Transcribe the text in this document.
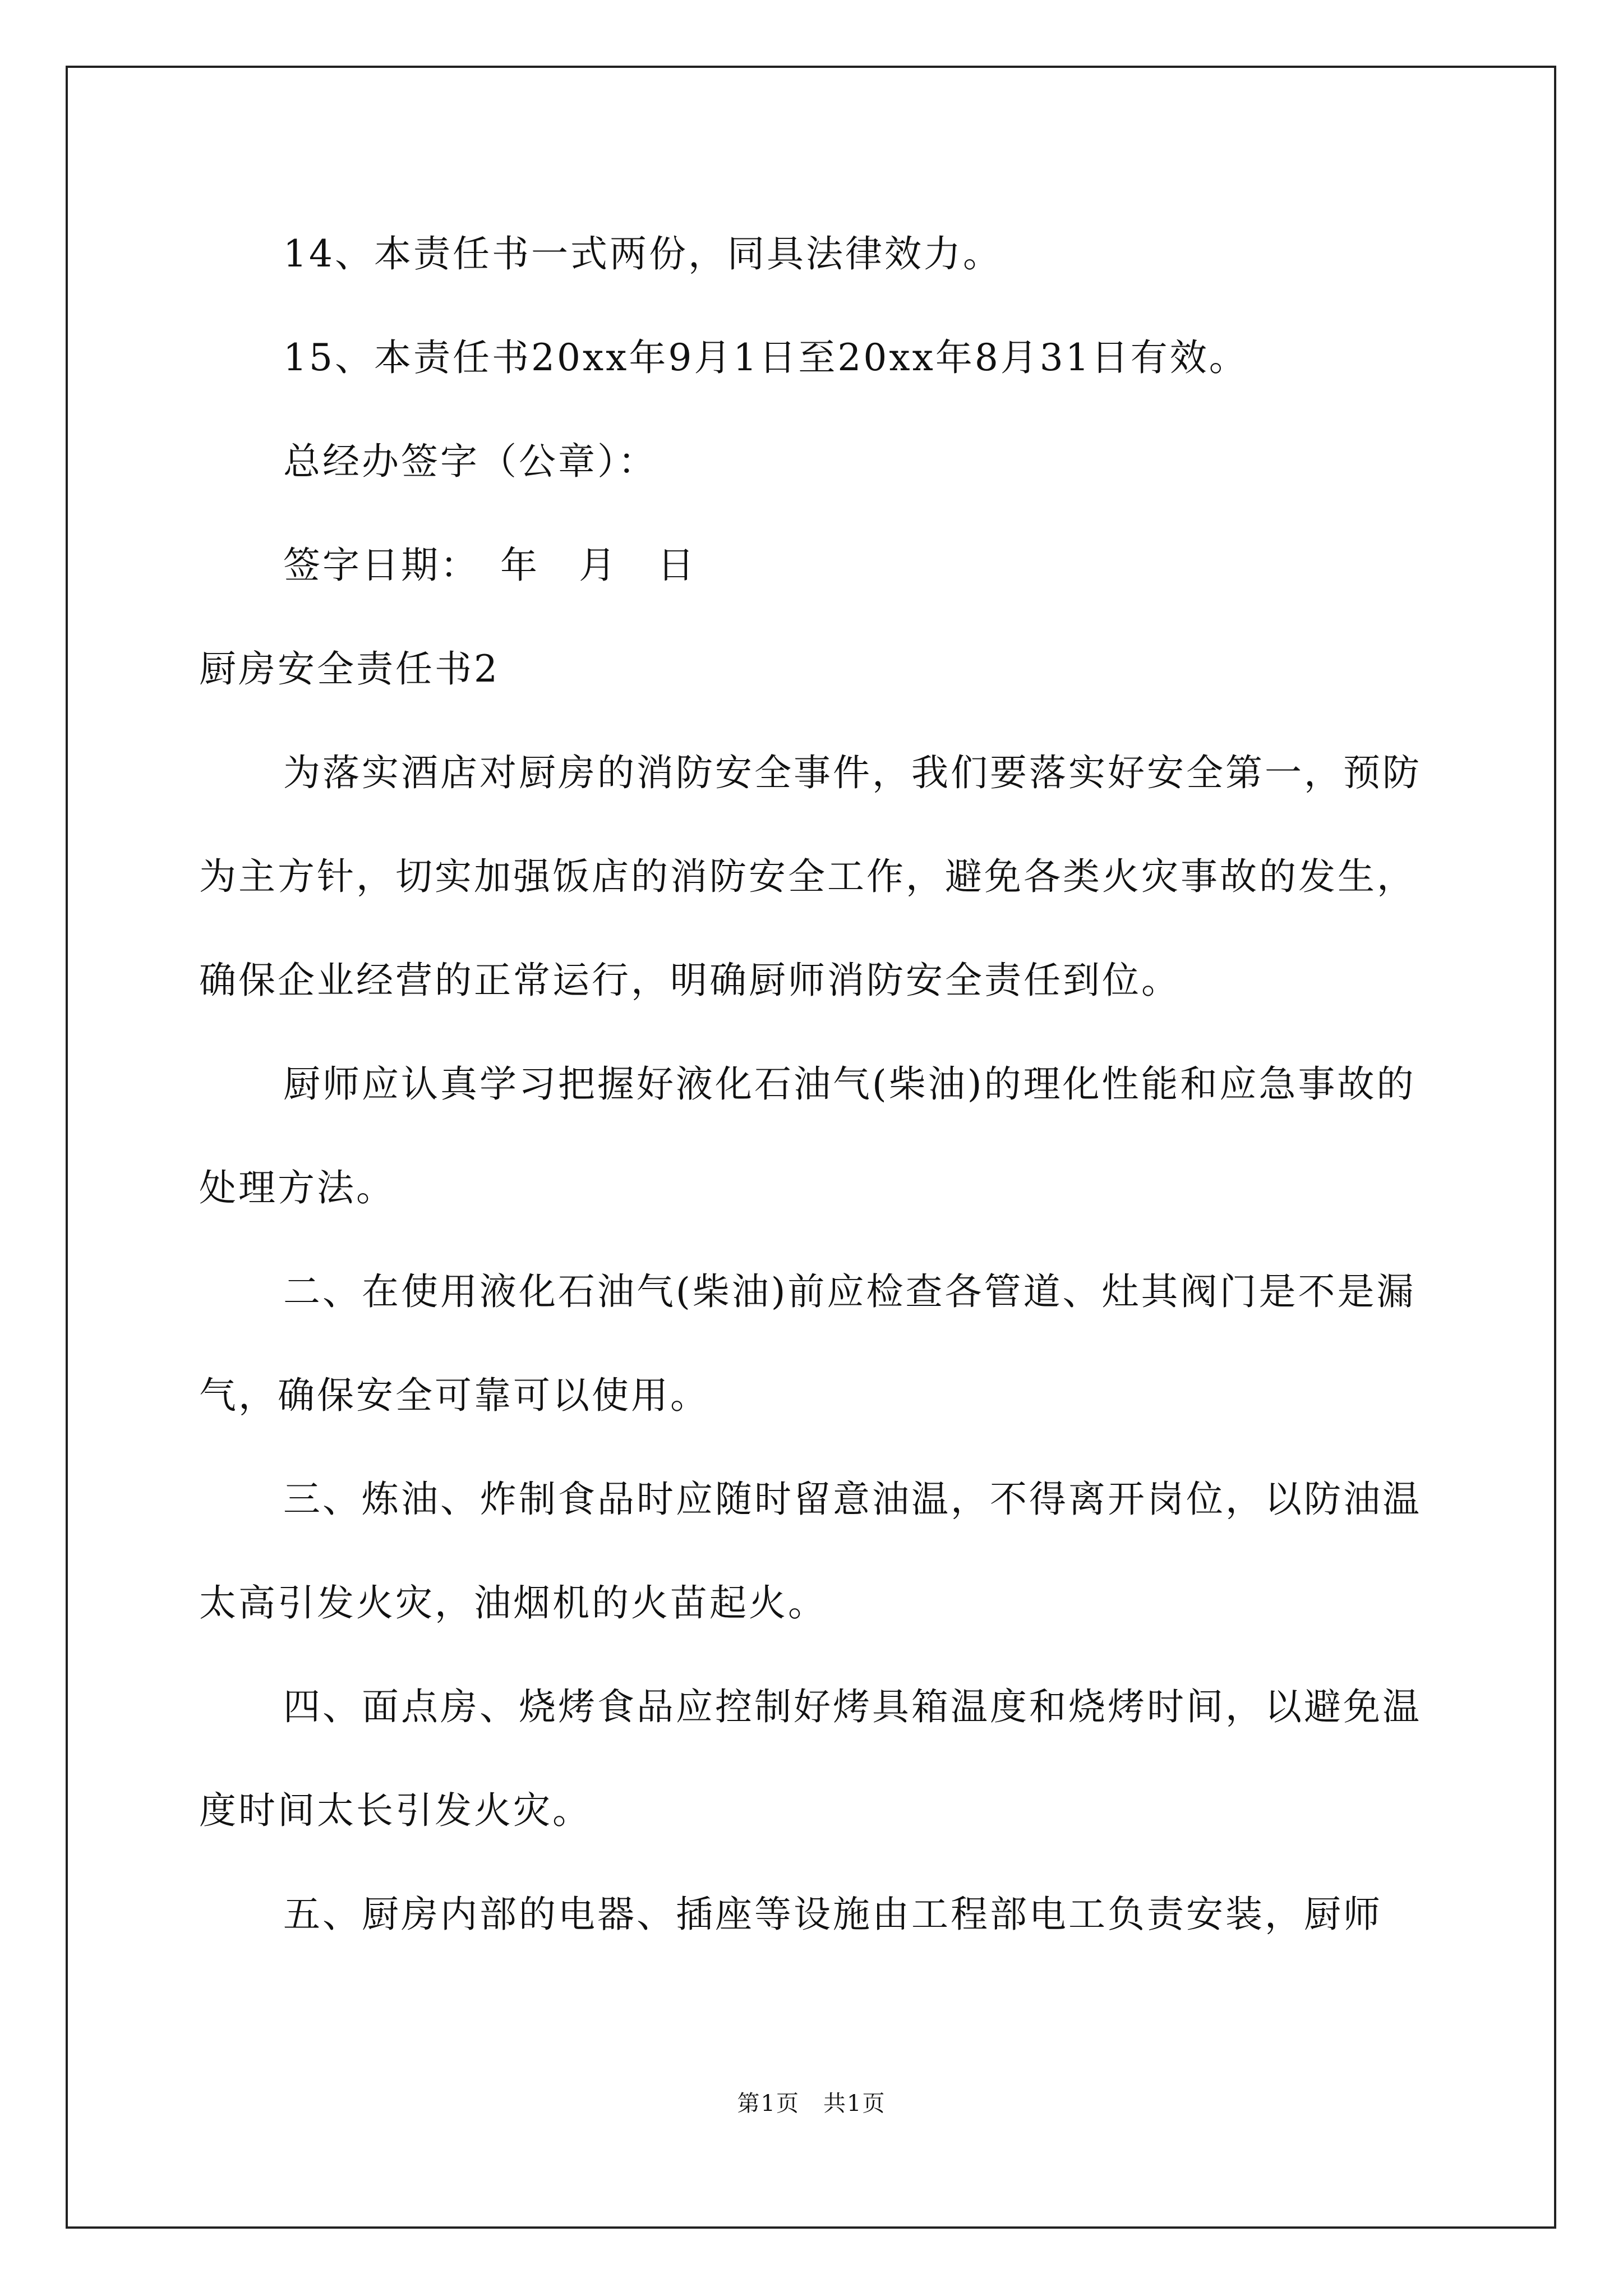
14、本责任书一式两份，同具法律效力。

15、本责任书20xx年9月1日至20xx年8月31日有效。

总经办签字（公章）：

签字日期：　年　月　日

厨房安全责任书2

为落实酒店对厨房的消防安全事件，我们要落实好安全第一，预防为主方针，切实加强饭店的消防安全工作，避免各类火灾事故的发生，确保企业经营的正常运行，明确厨师消防安全责任到位。

厨师应认真学习把握好液化石油气(柴油)的理化性能和应急事故的处理方法。

二、在使用液化石油气(柴油)前应检查各管道、灶其阀门是不是漏气，确保安全可靠可以使用。

三、炼油、炸制食品时应随时留意油温，不得离开岗位，以防油温太高引发火灾，油烟机的火苗起火。

四、面点房、烧烤食品应控制好烤具箱温度和烧烤时间，以避免温度时间太长引发火灾。

五、厨房内部的电器、插座等设施由工程部电工负责安装，厨师

第1页　共1页
